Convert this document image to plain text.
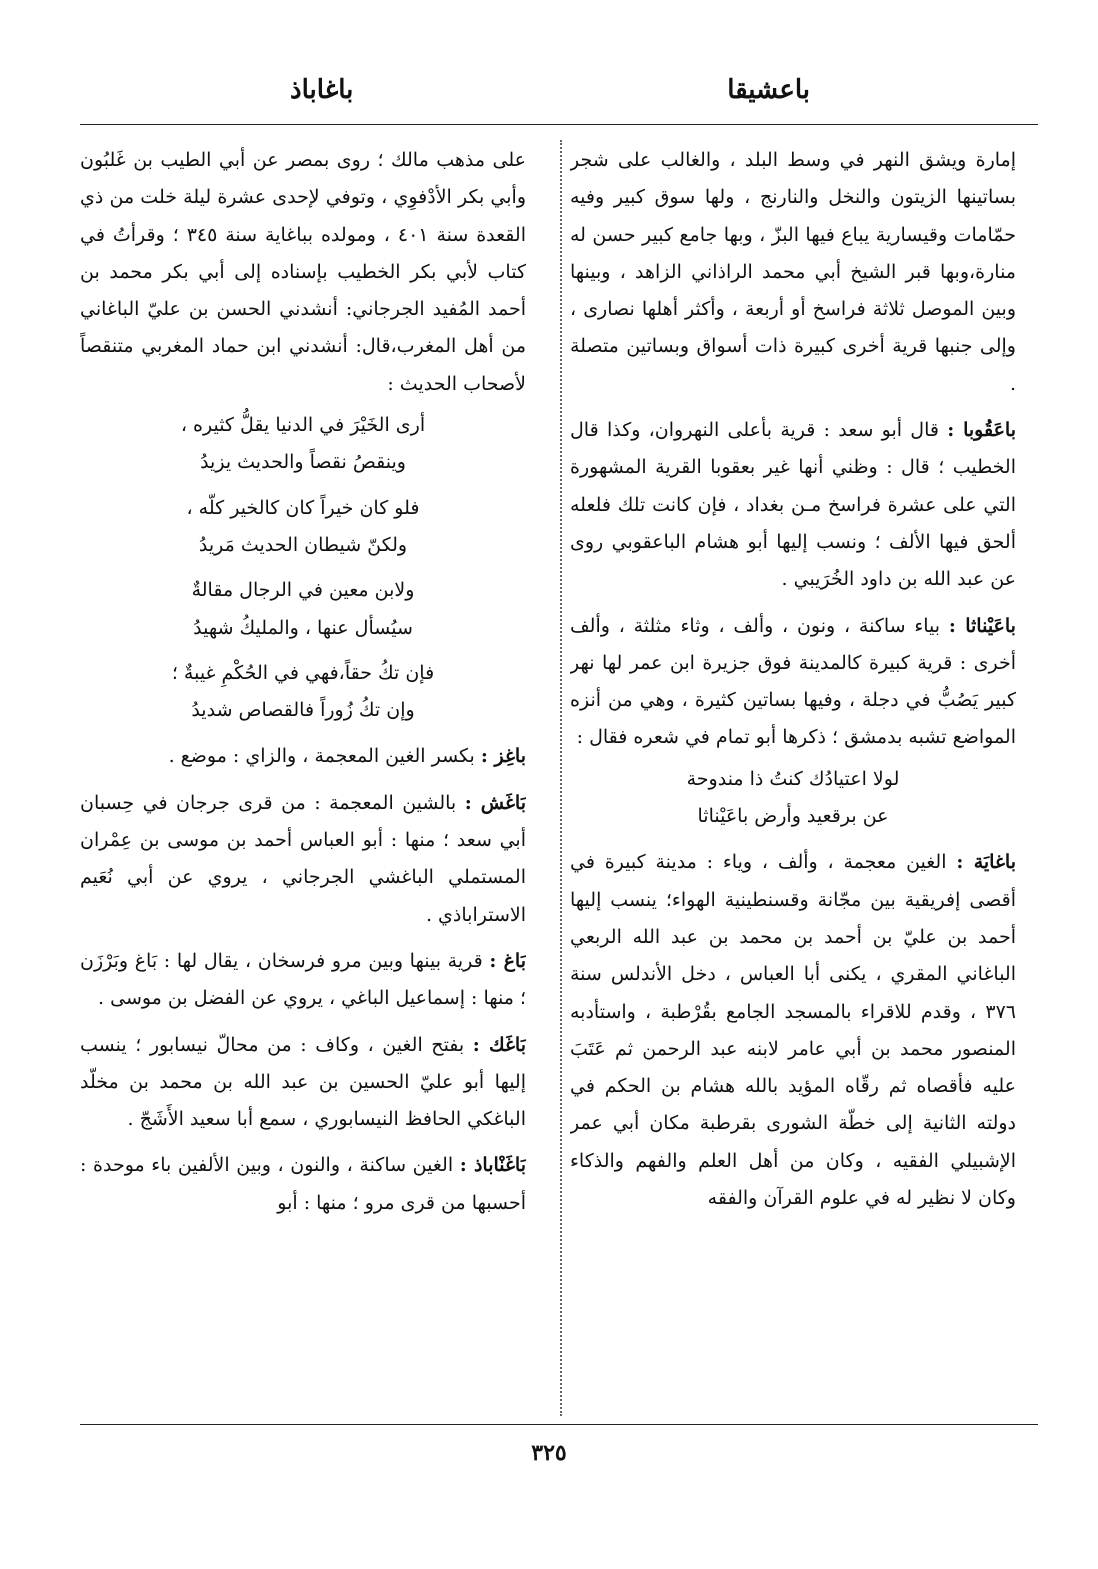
باعشيقا
باغاباذ

إمارة ويشق النهر في وسط البلد ، والغالب على شجر بساتينها الزيتون والنخل والنارنج ، ولها سوق كبير وفيه حمّامات وقيسارية يباع فيها البزّ ، وبها جامع كبير حسن له منارة،وبها قبر الشيخ أبي محمد الراذاني الزاهد ، وبينها وبين الموصل ثلاثة فراسخ أو أربعة ، وأكثر أهلها نصارى ، وإلى جنبها قرية أخرى كبيرة ذات أسواق وبساتين متصلة .

باعَقُوبا : قال أبو سعد : قرية بأعلى النهروان، وكذا قال الخطيب ؛ قال : وظني أنها غير بعقوبا القرية المشهورة التي على عشرة فراسخ مـن بغداد ، فإن كانت تلك فلعله ألحق فيها الألف ؛ ونسب إليها أبو هشام الباعقوبي روى عن عبد الله بن داود الخُرَيبي .

باعَيْناثا : بياء ساكنة ، ونون ، وألف ، وثاء مثلثة ، وألف أخرى : قرية كبيرة كالمدينة فوق جزيرة ابن عمر لها نهر كبير يَصُبُّ في دجلة ، وفيها بساتين كثيرة ، وهي من أنزه المواضع تشبه بدمشق ؛ ذكرها أبو تمام في شعره فقال :

لولا اعتيادُك كنتُ ذا مندوحة
عن برقعيد وأرض باعَيْناثا

باغايَة : الغين معجمة ، وألف ، وياء : مدينة كبيرة في أقصى إفريقية بين مجّانة وقسنطينية الهواء؛ ينسب إليها أحمد بن عليّ بن أحمد بن محمد بن عبد الله الربعي الباغاني المقري ، يكنى أبا العباس ، دخل الأندلس سنة ٣٧٦ ، وقدم للاقراء بالمسجد الجامع بقُرْطبة ، واستأدبه المنصور محمد بن أبي عامر لابنه عبد الرحمن ثم عَتَبَ عليه فأقصاه ثم رقّاه المؤيد بالله هشام بن الحكم في دولته الثانية إلى خطّة الشورى بقرطبة مكان أبي عمر الإشبيلي الفقيه ، وكان من أهل العلم والفهم والذكاء وكان لا نظير له في علوم القرآن والفقه

على مذهب مالك ؛ روى بمصر عن أبي الطيب بن غَلبُون وأبي بكر الأدْفوِي ، وتوفي لإحدى عشرة ليلة خلت من ذي القعدة سنة ٤٠١ ، ومولده بباغاية سنة ٣٤٥ ؛ وقرأتُ في كتاب لأبي بكر الخطيب بإسناده إلى أبي بكر محمد بن أحمد المُفيد الجرجاني: أنشدني الحسن بن عليّ الباغاني من أهل المغرب،قال: أنشدني ابن حماد المغربي متنقصاً لأصحاب الحديث :

أرى الخَيْرَ في الدنيا يقلُّ كثيره ،
وينقصُ نقصاً والحديث يزيدُ
فلو كان خيراً كان كالخير كلّه ،
ولكنّ شيطان الحديث مَريدُ
ولابن معين في الرجال مقالةٌ
سيُسأل عنها ، والمليكُ شهيدُ
فإن تكُ حقاً،فهي في الحُكْمِ غيبةٌ ؛
وإن تكُ زُوراً فالقصاص شديدُ

باغِز : بكسر الغين المعجمة ، والزاي : موضع .

بَاغَش : بالشين المعجمة : من قرى جرجان في حِسبان أبي سعد ؛ منها : أبو العباس أحمد بن موسى بن عِمْران المستملي الباغشي الجرجاني ، يروي عن أبي نُعَيم الاستراباذي .

بَاغ : قرية بينها وبين مرو فرسخان ، يقال لها : بَاغ وبَرْزَن ؛ منها : إسماعيل الباغي ، يروي عن الفضل بن موسى .

بَاغَك : بفتح الغين ، وكاف : من محالّ نيسابور ؛ ينسب إليها أبو عليّ الحسين بن عبد الله بن محمد بن مخلّد الباغكي الحافظ النيسابوري ، سمع أبا سعيد الأَشَجّ .

بَاغَنْاباذ : الغين ساكنة ، والنون ، وبين الألفين باء موحدة : أحسبها من قرى مرو ؛ منها : أبو

٣٢٥
